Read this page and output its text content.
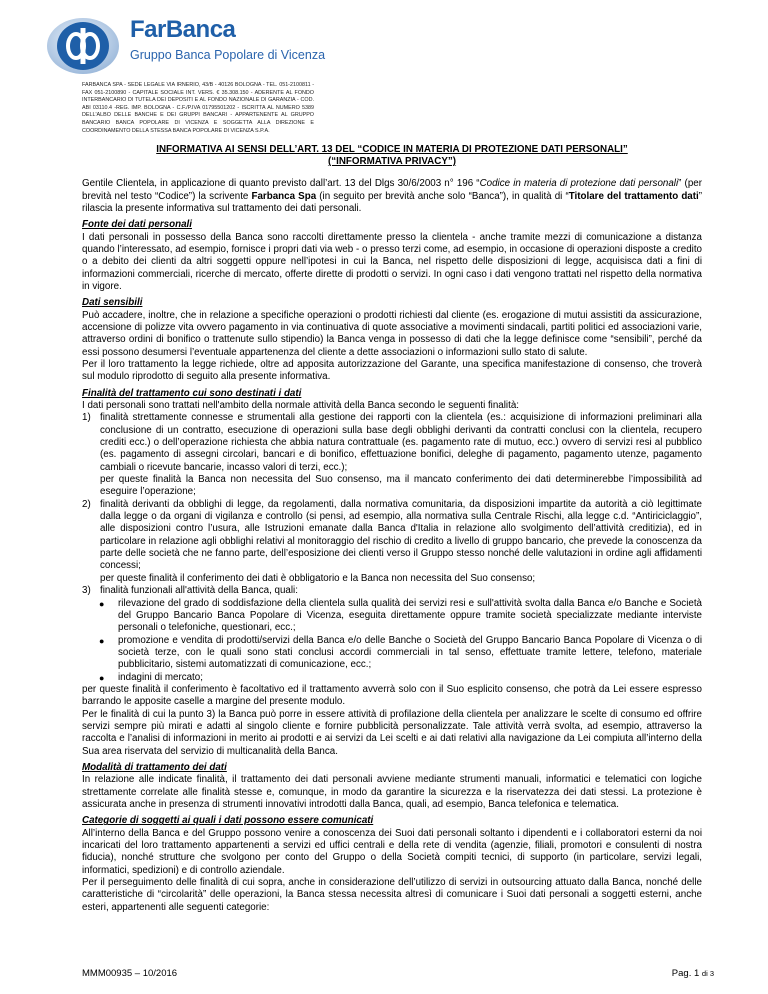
FarBanca
Gruppo Banca Popolare di Vicenza
FARBANCA SPA - SEDE LEGALE VIA IRNERIO, 43/B - 40126 BOLOGNA - TEL. 051-2100811 - FAX 051-2100890 - CAPITALE SOCIALE INT. VERS. € 35.308.150 - ADERENTE AL FONDO INTERBANCARIO DI TUTELA DEI DEPOSITI E AL FONDO NAZIONALE DI GARANZIA - COD. ABI 03110.4 -REG. IMP. BOLOGNA - C.F./P.IVA 01795501202 - ISCRITTA AL NUMERO 5389 DELL'ALBO DELLE BANCHE E DEI GRUPPI BANCARI - APPARTENENTE AL GRUPPO BANCARIO BANCA POPOLARE DI VICENZA E SOGGETTA ALLA DIREZIONE E COORDINAMENTO DELLA STESSA BANCA POPOLARE DI VICENZA S.P.A.
INFORMATIVA AI SENSI DELL’ART. 13 DEL “CODICE IN MATERIA DI PROTEZIONE DATI PERSONALI”
(“INFORMATIVA PRIVACY”)

Gentile Clientela, in applicazione di quanto previsto dall’art. 13 del Dlgs 30/6/2003 n° 196 “Codice in materia di protezione dati personali” (per brevità nel testo “Codice”) la scrivente Farbanca Spa (in seguito per brevità anche solo “Banca”), in qualità di “Titolare del trattamento dati” rilascia la presente informativa sul trattamento dei dati personali.

Fonte dei dati personali

I dati personali in possesso della Banca sono raccolti direttamente presso la clientela - anche tramite mezzi di comunicazione a distanza quando l’interessato, ad esempio, fornisce i propri dati via web - o presso terzi come, ad esempio, in occasione di operazioni disposte a credito o a debito dei clienti da altri soggetti oppure nell’ipotesi in cui la Banca, nel rispetto delle disposizioni di legge, acquisisca dati a fini di informazioni commerciali, ricerche di mercato, offerte dirette di prodotti o servizi. In ogni caso i dati vengono trattati nel rispetto della normativa in vigore.

Dati sensibili

Può accadere, inoltre, che in relazione a specifiche operazioni o prodotti richiesti dal cliente (es. erogazione di mutui assistiti da assicurazione, accensione di polizze vita ovvero pagamento in via continuativa di quote associative a movimenti sindacali, partiti politici ed associazioni varie, attraverso ordini di bonifico o trattenute sullo stipendio) la Banca venga in possesso di dati che la legge definisce come “sensibili”, perché da essi possono desumersi l’eventuale appartenenza del cliente a dette associazioni o informazioni sullo stato di salute.

Per il loro trattamento la legge richiede, oltre ad apposita autorizzazione del Garante, una specifica manifestazione di consenso, che troverà sul modulo riprodotto di seguito alla presente informativa.

Finalità del trattamento cui sono destinati i dati

I dati personali sono trattati nell'ambito della normale attività della Banca secondo le seguenti finalità:

1) finalità strettamente connesse e strumentali alla gestione dei rapporti con la clientela (es.: acquisizione di informazioni preliminari alla conclusione di un contratto, esecuzione di operazioni sulla base degli obblighi derivanti da contratti conclusi con la clientela, recupero crediti ecc.) o dell’operazione richiesta che abbia natura contrattuale (es. pagamento rate di mutuo, ecc.) ovvero di servizi resi al pubblico (es. pagamento di assegni circolari, bancari e di bonifico, effettuazione bonifici, deleghe di pagamento, pagamento utenze, pagamento cambiali o ricevute bancarie, incasso valori di terzi, ecc.);

per queste finalità la Banca non necessita del Suo consenso, ma il mancato conferimento dei dati determinerebbe l’impossibilità ad eseguire l’operazione;

2) finalità derivanti da obblighi di legge, da regolamenti, dalla normativa comunitaria, da disposizioni impartite da autorità a ciò legittimate dalla legge o da organi di vigilanza e controllo (si pensi, ad esempio, alla normativa sulla Centrale Rischi, alla legge c.d. “Antiriciclaggio”, alle disposizioni contro l’usura, alle Istruzioni emanate dalla Banca d'Italia in relazione allo svolgimento dell’attività creditizia), ed in particolare in relazione agli obblighi relativi al monitoraggio del rischio di credito a livello di gruppo bancario, che prevede la conoscenza da parte delle società che ne fanno parte, dell’esposizione dei clienti verso il Gruppo stesso nonché delle valutazioni in ordine agli affidamenti concessi;

per queste finalità il conferimento dei dati è obbligatorio e la Banca non necessita del Suo consenso;

3) finalità funzionali all'attività della Banca, quali:

● rilevazione del grado di soddisfazione della clientela sulla qualità dei servizi resi e sull'attività svolta dalla Banca e/o Banche e Società del Gruppo Bancario Banca Popolare di Vicenza, eseguita direttamente oppure tramite società specializzate mediante interviste personali o telefoniche, questionari, ecc.;

● promozione e vendita di prodotti/servizi della Banca e/o delle Banche o Società del Gruppo Bancario Banca Popolare di Vicenza o di società terze, con le quali sono stati conclusi accordi commerciali in tal senso, effettuate tramite lettere, telefono, materiale pubblicitario, sistemi automatizzati di comunicazione, ecc.;

● indagini di mercato;

per queste finalità il conferimento è facoltativo ed il trattamento avverrà solo con il Suo esplicito consenso, che potrà da Lei essere espresso barrando le apposite caselle a margine del presente modulo.

Per le finalità di cui la punto 3) la Banca può porre in essere attività di profilazione della clientela per analizzare le scelte di consumo ed offrire servizi sempre più mirati e adatti al singolo cliente e fornire pubblicità personalizzate. Tale attività verrà svolta, ad esempio, attraverso la raccolta e l’analisi di informazioni in merito ai prodotti e ai servizi da Lei scelti e ai dati relativi alla navigazione da Lei compiuta all’interno della Sua area riservata del servizio di multicanalità della Banca.

Modalità di trattamento dei dati

In relazione alle indicate finalità, il trattamento dei dati personali avviene mediante strumenti manuali, informatici e telematici con logiche strettamente correlate alle finalità stesse e, comunque, in modo da garantire la sicurezza e la riservatezza dei dati stessi. La protezione è assicurata anche in presenza di strumenti innovativi introdotti dalla Banca, quali, ad esempio, Banca telefonica e telematica.

Categorie di soggetti ai quali i dati possono essere comunicati

All’interno della Banca e del Gruppo possono venire a conoscenza dei Suoi dati personali soltanto i dipendenti e i collaboratori esterni da noi incaricati del loro trattamento appartenenti a servizi ed uffici centrali e della rete di vendita (agenzie, filiali, promotori e consulenti di nostra fiducia), nonché strutture che svolgono per conto del Gruppo o della Società compiti tecnici, di supporto (in particolare, servizi legali, informatici, spedizioni) e di controllo aziendale.

Per il perseguimento delle finalità di cui sopra, anche in considerazione dell’utilizzo di servizi in outsourcing attuato dalla Banca, nonché delle caratteristiche di “circolarità” delle operazioni, la Banca stessa necessita altresì di comunicare i Suoi dati personali a soggetti esterni, anche esteri, appartenenti alle seguenti categorie:

MMM00935 – 10/2016	Pag. 1 di 3
